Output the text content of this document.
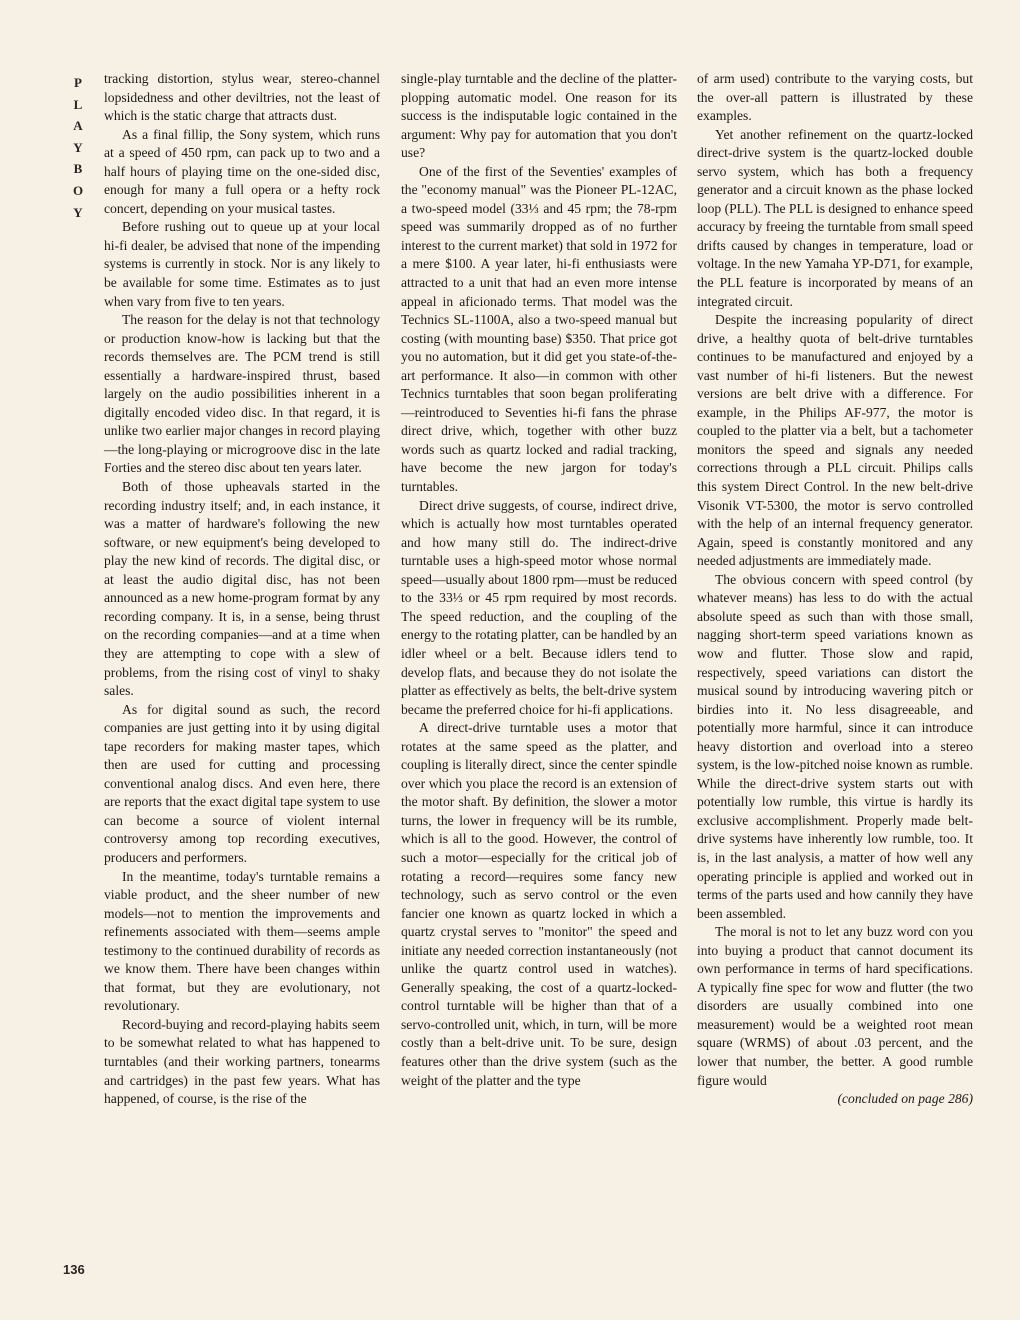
P
L
A
Y
B
O
Y
136

tracking distortion, stylus wear, stereo-channel lopsidedness and other deviltries, not the least of which is the static charge that attracts dust.

As a final fillip, the Sony system, which runs at a speed of 450 rpm, can pack up to two and a half hours of playing time on the one-sided disc, enough for many a full opera or a hefty rock concert, depending on your musical tastes.

Before rushing out to queue up at your local hi-fi dealer, be advised that none of the impending systems is currently in stock. Nor is any likely to be available for some time. Estimates as to just when vary from five to ten years.

The reason for the delay is not that technology or production know-how is lacking but that the records themselves are. The PCM trend is still essentially a hardware-inspired thrust, based largely on the audio possibilities inherent in a digitally encoded video disc. In that regard, it is unlike two earlier major changes in record playing—the long-playing or microgroove disc in the late Forties and the stereo disc about ten years later.

Both of those upheavals started in the recording industry itself; and, in each instance, it was a matter of hardware's following the new software, or new equipment's being developed to play the new kind of records. The digital disc, or at least the audio digital disc, has not been announced as a new home-program format by any recording company. It is, in a sense, being thrust on the recording companies—and at a time when they are attempting to cope with a slew of problems, from the rising cost of vinyl to shaky sales.

As for digital sound as such, the record companies are just getting into it by using digital tape recorders for making master tapes, which then are used for cutting and processing conventional analog discs. And even here, there are reports that the exact digital tape system to use can become a source of violent internal controversy among top recording executives, producers and performers.

In the meantime, today's turntable remains a viable product, and the sheer number of new models—not to mention the improvements and refinements associated with them—seems ample testimony to the continued durability of records as we know them. There have been changes within that format, but they are evolutionary, not revolutionary.

Record-buying and record-playing habits seem to be somewhat related to what has happened to turntables (and their working partners, tonearms and cartridges) in the past few years. What has happened, of course, is the rise of the

single-play turntable and the decline of the platter-plopping automatic model. One reason for its success is the indisputable logic contained in the argument: Why pay for automation that you don't use?

One of the first of the Seventies' examples of the "economy manual" was the Pioneer PL-12AC, a two-speed model (33⅓ and 45 rpm; the 78-rpm speed was summarily dropped as of no further interest to the current market) that sold in 1972 for a mere $100. A year later, hi-fi enthusiasts were attracted to a unit that had an even more intense appeal in aficionado terms. That model was the Technics SL-1100A, also a two-speed manual but costing (with mounting base) $350. That price got you no automation, but it did get you state-of-the-art performance. It also—in common with other Technics turntables that soon began proliferating—reintroduced to Seventies hi-fi fans the phrase direct drive, which, together with other buzz words such as quartz locked and radial tracking, have become the new jargon for today's turntables.

Direct drive suggests, of course, indirect drive, which is actually how most turntables operated and how many still do. The indirect-drive turntable uses a high-speed motor whose normal speed—usually about 1800 rpm—must be reduced to the 33⅓ or 45 rpm required by most records. The speed reduction, and the coupling of the energy to the rotating platter, can be handled by an idler wheel or a belt. Because idlers tend to develop flats, and because they do not isolate the platter as effectively as belts, the belt-drive system became the preferred choice for hi-fi applications.

A direct-drive turntable uses a motor that rotates at the same speed as the platter, and coupling is literally direct, since the center spindle over which you place the record is an extension of the motor shaft. By definition, the slower a motor turns, the lower in frequency will be its rumble, which is all to the good. However, the control of such a motor—especially for the critical job of rotating a record—requires some fancy new technology, such as servo control or the even fancier one known as quartz locked in which a quartz crystal serves to "monitor" the speed and initiate any needed correction instantaneously (not unlike the quartz control used in watches). Generally speaking, the cost of a quartz-locked-control turntable will be higher than that of a servo-controlled unit, which, in turn, will be more costly than a belt-drive unit. To be sure, design features other than the drive system (such as the weight of the platter and the type

of arm used) contribute to the varying costs, but the over-all pattern is illustrated by these examples.

Yet another refinement on the quartz-locked direct-drive system is the quartz-locked double servo system, which has both a frequency generator and a circuit known as the phase locked loop (PLL). The PLL is designed to enhance speed accuracy by freeing the turntable from small speed drifts caused by changes in temperature, load or voltage. In the new Yamaha YP-D71, for example, the PLL feature is incorporated by means of an integrated circuit.

Despite the increasing popularity of direct drive, a healthy quota of belt-drive turntables continues to be manufactured and enjoyed by a vast number of hi-fi listeners. But the newest versions are belt drive with a difference. For example, in the Philips AF-977, the motor is coupled to the platter via a belt, but a tachometer monitors the speed and signals any needed corrections through a PLL circuit. Philips calls this system Direct Control. In the new belt-drive Visonik VT-5300, the motor is servo controlled with the help of an internal frequency generator. Again, speed is constantly monitored and any needed adjustments are immediately made.

The obvious concern with speed control (by whatever means) has less to do with the actual absolute speed as such than with those small, nagging short-term speed variations known as wow and flutter. Those slow and rapid, respectively, speed variations can distort the musical sound by introducing wavering pitch or birdies into it. No less disagreeable, and potentially more harmful, since it can introduce heavy distortion and overload into a stereo system, is the low-pitched noise known as rumble. While the direct-drive system starts out with potentially low rumble, this virtue is hardly its exclusive accomplishment. Properly made belt-drive systems have inherently low rumble, too. It is, in the last analysis, a matter of how well any operating principle is applied and worked out in terms of the parts used and how cannily they have been assembled.

The moral is not to let any buzz word con you into buying a product that cannot document its own performance in terms of hard specifications. A typically fine spec for wow and flutter (the two disorders are usually combined into one measurement) would be a weighted root mean square (WRMS) of about .03 percent, and the lower that number, the better. A good rumble figure would

(concluded on page 286)
